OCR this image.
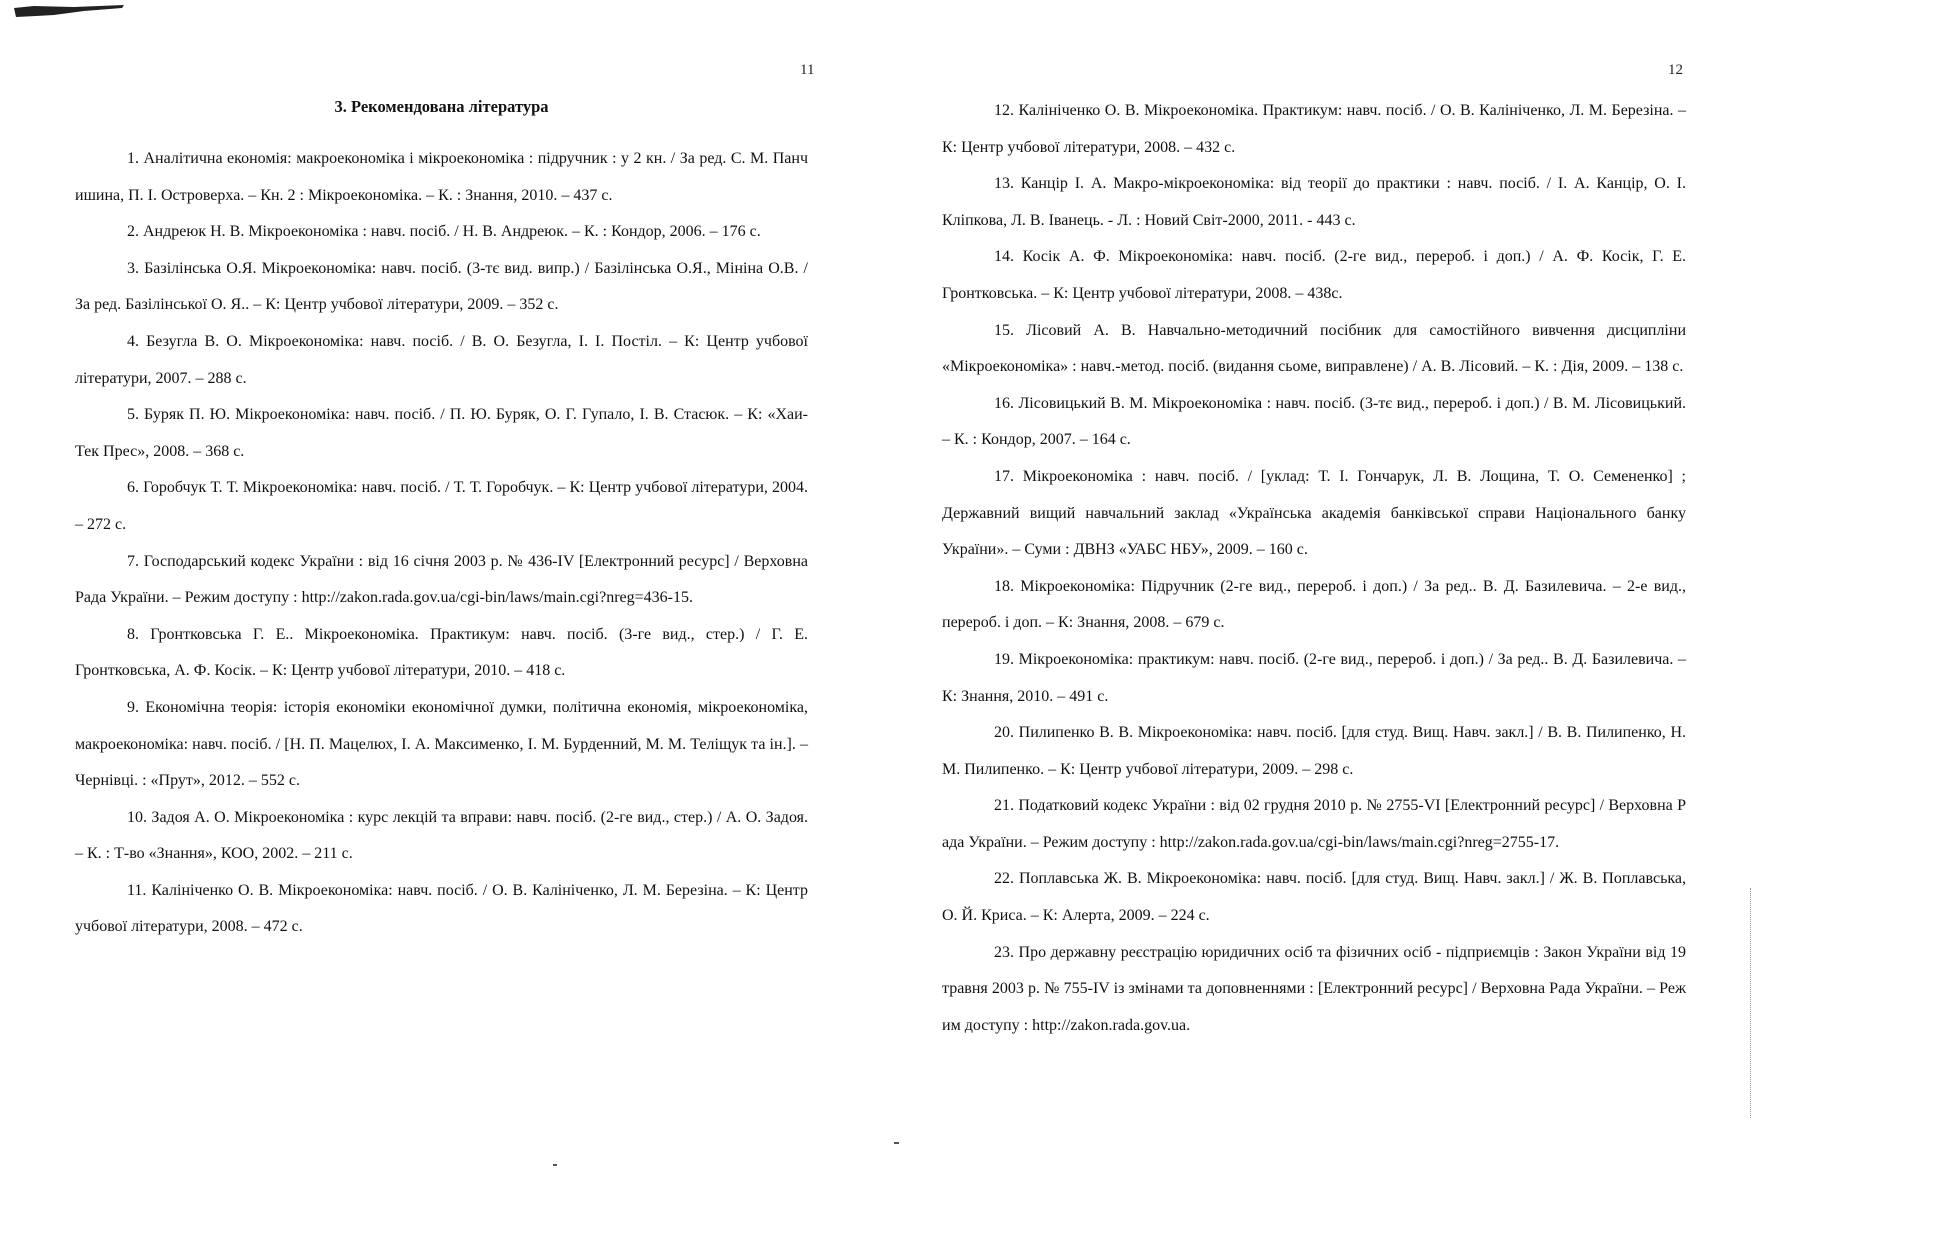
11	12
3. Рекомендована література

1. Аналітична економія: макроекономіка і мікроекономіка : підручник : у 2 кн. / За ред. С. М. Панчишина, П. І. Островерха. – Кн. 2 : Мікроекономіка. – К. : Знання, 2010. – 437 с.

2. Андреюк Н. В. Мікроекономіка : навч. посіб. / Н. В. Андреюк. – К. : Кондор, 2006. – 176 с.

3. Базілінська О.Я. Мікроекономіка: навч. посіб. (3-тє вид. випр.) / Базілінська О.Я., Мініна О.В. / За ред. Базілінської О. Я.. – К: Центр учбової літератури, 2009. – 352 с.

4. Безугла В. О. Мікроекономіка: навч. посіб. / В. О. Безугла, І. І. Постіл. – К: Центр учбової літератури, 2007. – 288 с.

5. Буряк П. Ю. Мікроекономіка: навч. посіб. / П. Ю. Буряк, О. Г. Гупало, І. В. Стасюк. – К: «Хаи-Тек Прес», 2008. – 368 с.

6. Горобчук Т. Т. Мікроекономіка: навч. посіб. / Т. Т. Горобчук. – К: Центр учбової літератури, 2004. – 272 с.

7. Господарський кодекс України : від 16 січня 2003 р. № 436-IV [Електронний ресурс] / Верховна Рада України. – Режим доступу : http://zakon.rada.gov.ua/cgi-bin/laws/main.cgi?nreg=436-15.

8. Гронтковська Г. Е.. Мікроекономіка. Практикум: навч. посіб. (3-ге вид., стер.) / Г. Е. Гронтковська, А. Ф. Косік. – К: Центр учбової літератури, 2010. – 418 с.

9. Економічна теорія: історія економіки економічної думки, політична економія, мікроекономіка, макроекономіка: навч. посіб. / [Н. П. Мацелюх, І. А. Максименко, І. М. Бурденний, М. М. Теліщук та ін.]. – Чернівці. : «Прут», 2012. – 552 с.

10. Задоя А. О. Мікроекономіка : курс лекцій та вправи: навч. посіб. (2-ге вид., стер.) / А. О. Задоя. – К. : Т-во «Знання», КОО, 2002. – 211 с.

11. Калініченко О. В. Мікроекономіка: навч. посіб. / О. В. Калініченко, Л. М. Березіна. – К: Центр учбової літератури, 2008. – 472 с.

12. Калініченко О. В. Мікроекономіка. Практикум: навч. посіб. / О. В. Калініченко, Л. М. Березіна. – К: Центр учбової літератури, 2008. – 432 с.

13. Канцір І. А. Макро-мікроекономіка: від теорії до практики : навч. посіб. / І. А. Канцір, О. І. Кліпкова, Л. В. Іванець. - Л. : Новий Світ-2000, 2011. - 443 с.

14. Косік А. Ф. Мікроекономіка: навч. посіб. (2-ге вид., перероб. і доп.) / А. Ф. Косік, Г. Е. Гронтковська. – К: Центр учбової літератури, 2008. – 438с.

15. Лісовий А. В. Навчально-методичний посібник для самостійного вивчення дисципліни «Мікроекономіка» : навч.-метод. посіб. (видання сьоме, виправлене) / А. В. Лісовий. – К. : Дія, 2009. – 138 с.

16. Лісовицький В. М. Мікроекономіка : навч. посіб. (3-тє вид., перероб. і доп.) / В. М. Лісовицький. – К. : Кондор, 2007. – 164 с.

17. Мікроекономіка : навч. посіб. / [уклад: Т. І. Гончарук, Л. В. Лощина, Т. О. Семененко] ; Державний вищий навчальний заклад «Українська академія банківської справи Національного банку України». – Суми : ДВНЗ «УАБС НБУ», 2009. – 160 с.

18. Мікроекономіка: Підручник (2-ге вид., перероб. і доп.) / За ред.. В. Д. Базилевича. – 2-е вид., перероб. і доп. – К: Знання, 2008. – 679 с.

19. Мікроекономіка: практикум: навч. посіб. (2-ге вид., перероб. і доп.) / За ред.. В. Д. Базилевича. – К: Знання, 2010. – 491 с.

20. Пилипенко В. В. Мікроекономіка: навч. посіб. [для студ. Вищ. Навч. закл.] / В. В. Пилипенко, Н. М. Пилипенко. – К: Центр учбової літератури, 2009. – 298 с.

21. Податковий кодекс України : від 02 грудня 2010 р. № 2755-VI [Електронний ресурс] / Верховна Рада України. – Режим доступу : http://zakon.rada.gov.ua/cgi-bin/laws/main.cgi?nreg=2755-17.

22. Поплавська Ж. В. Мікроекономіка: навч. посіб. [для студ. Вищ. Навч. закл.] / Ж. В. Поплавська, О. Й. Криса. – К: Алерта, 2009. – 224 с.

23. Про державну реєстрацію юридичних осіб та фізичних осіб - підприємців : Закон України від 19 травня 2003 р. № 755-IV із змінами та доповненнями : [Електронний ресурс] / Верховна Рада України. – Режим доступу : http://zakon.rada.gov.ua.
